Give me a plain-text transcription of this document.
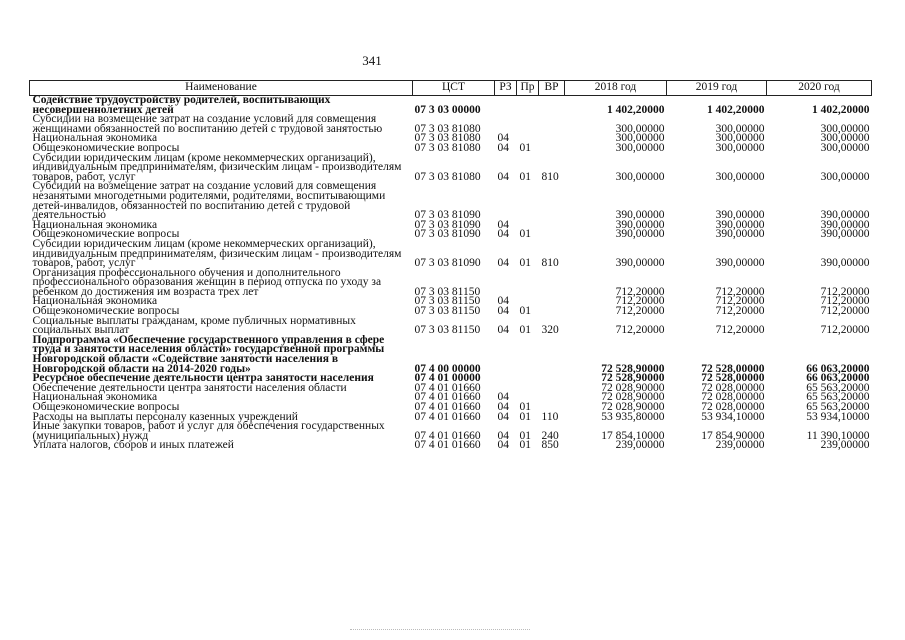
341
Наименование	ЦСТ	РЗ	Пр	ВР	2018 год	2019 год	2020 год
Содействие трудоустройству родителей, воспитывающих несовершеннолетних детей	07 3 03 00000				1 402,20000	1 402,20000	1 402,20000
Субсидии на возмещение затрат на создание условий для совмещения женщинами обязанностей по воспитанию детей с трудовой занятостью	07 3 03 81080				300,00000	300,00000	300,00000
Национальная экономика	07 3 03 81080	04			300,00000	300,00000	300,00000
Общеэкономические вопросы	07 3 03 81080	04	01		300,00000	300,00000	300,00000
Субсидии юридическим лицам (кроме некоммерческих организаций), индивидуальным предпринимателям, физическим лицам - производителям товаров, работ, услуг	07 3 03 81080	04	01	810	300,00000	300,00000	300,00000
Субсидии на возмещение затрат на создание условий для совмещения незанятыми многодетными родителями, родителями, воспитывающими детей-инвалидов, обязанностей по воспитанию детей с трудовой деятельностью	07 3 03 81090				390,00000	390,00000	390,00000
Национальная экономика	07 3 03 81090	04			390,00000	390,00000	390,00000
Общеэкономические вопросы	07 3 03 81090	04	01		390,00000	390,00000	390,00000
Субсидии юридическим лицам (кроме некоммерческих организаций), индивидуальным предпринимателям, физическим лицам - производителям товаров, работ, услуг	07 3 03 81090	04	01	810	390,00000	390,00000	390,00000
Организация профессионального обучения и дополнительного профессионального образования женщин в период отпуска по уходу за ребенком до достижения им возраста трех лет	07 3 03 81150				712,20000	712,20000	712,20000
Национальная экономика	07 3 03 81150	04			712,20000	712,20000	712,20000
Общеэкономические вопросы	07 3 03 81150	04	01		712,20000	712,20000	712,20000
Социальные выплаты гражданам, кроме публичных нормативных социальных выплат	07 3 03 81150	04	01	320	712,20000	712,20000	712,20000
Подпрограмма «Обеспечение государственного управления в сфере труда и занятости населения области» государственной программы Новгородской области «Содействие занятости населения в Новгородской области на 2014-2020 годы»	07 4 00 00000				72 528,90000	72 528,00000	66 063,20000
Ресурсное обеспечение деятельности центра занятости населения	07 4 01 00000				72 528,90000	72 528,00000	66 063,20000
Обеспечение деятельности центра занятости населения области	07 4 01 01660				72 028,90000	72 028,00000	65 563,20000
Национальная экономика	07 4 01 01660	04			72 028,90000	72 028,00000	65 563,20000
Общеэкономические вопросы	07 4 01 01660	04	01		72 028,90000	72 028,00000	65 563,20000
Расходы на выплаты персоналу казенных учреждений	07 4 01 01660	04	01	110	53 935,80000	53 934,10000	53 934,10000
Иные закупки товаров, работ и услуг для обеспечения государственных (муниципальных) нужд	07 4 01 01660	04	01	240	17 854,10000	17 854,90000	11 390,10000
Уплата налогов, сборов и иных платежей	07 4 01 01660	04	01	850	239,00000	239,00000	239,00000
